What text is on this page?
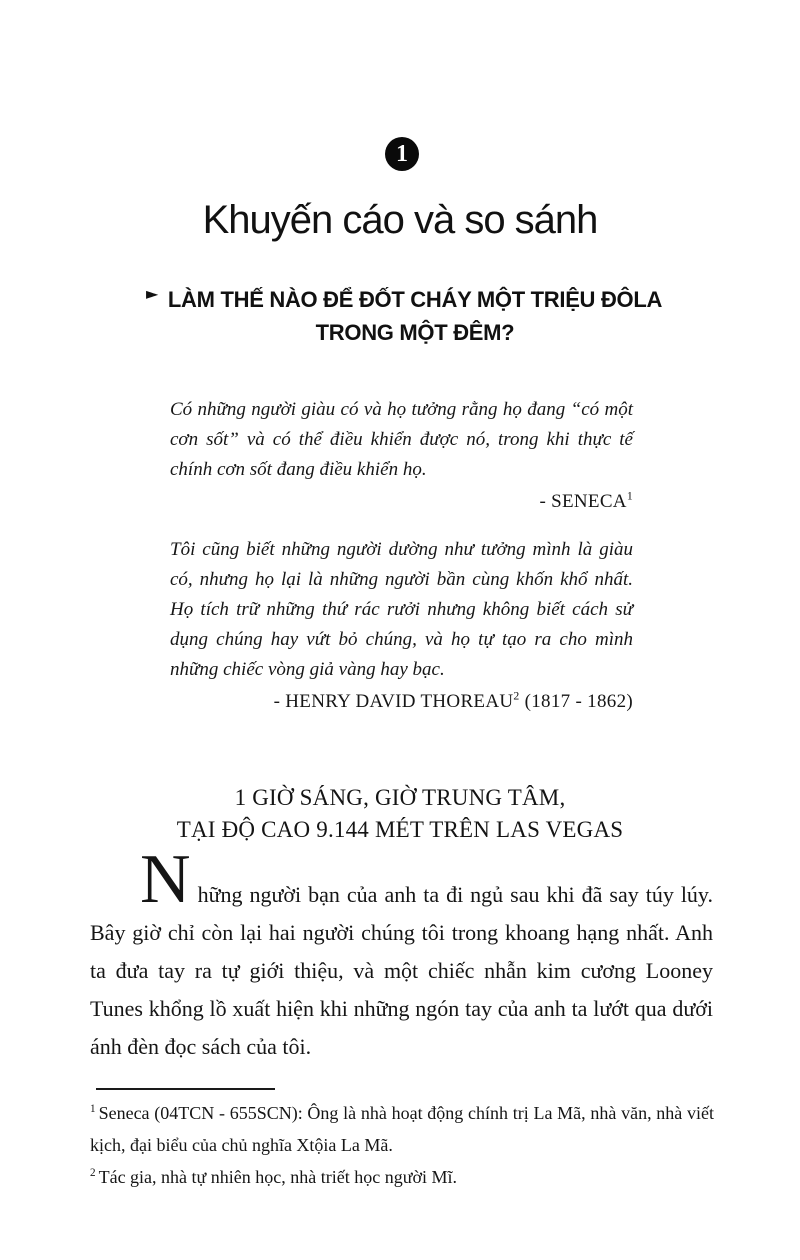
1
Khuyến cáo và so sánh
► LÀM THẾ NÀO ĐỂ ĐỐT CHÁY MỘT TRIỆU ĐÔLA
TRONG MỘT ĐÊM?

Có những người giàu có và họ tưởng rằng họ đang “có một cơn sốt” và có thể điều khiển được nó, trong khi thực tế chính cơn sốt đang điều khiển họ.

- SENECA$^1$

Tôi cũng biết những người dường như tưởng mình là giàu có, nhưng họ lại là những người bần cùng khốn khổ nhất. Họ tích trữ những thứ rác rưởi nhưng không biết cách sử dụng chúng hay vứt bỏ chúng, và họ tự tạo ra cho mình những chiếc vòng giả vàng hay bạc.

- HENRY DAVID THOREAU$^2$ (1817 - 1862)

1 GIỜ SÁNG, GIỜ TRUNG TÂM,
TẠI ĐỘ CAO 9.144 MÉT TRÊN LAS VEGAS

Những người bạn của anh ta đi ngủ sau khi đã say túy lúy. Bây giờ chỉ còn lại hai người chúng tôi trong khoang hạng nhất. Anh ta đưa tay ra tự giới thiệu, và một chiếc nhẫn kim cương Looney Tunes khổng lồ xuất hiện khi những ngón tay của anh ta lướt qua dưới ánh đèn đọc sách của tôi.

$^1$ Seneca (04TCN - 655SCN): Ông là nhà hoạt động chính trị La Mã, nhà văn, nhà viết kịch, đại biểu của chủ nghĩa Xtộia La Mã.

$^2$ Tác gia, nhà tự nhiên học, nhà triết học người Mĩ.
